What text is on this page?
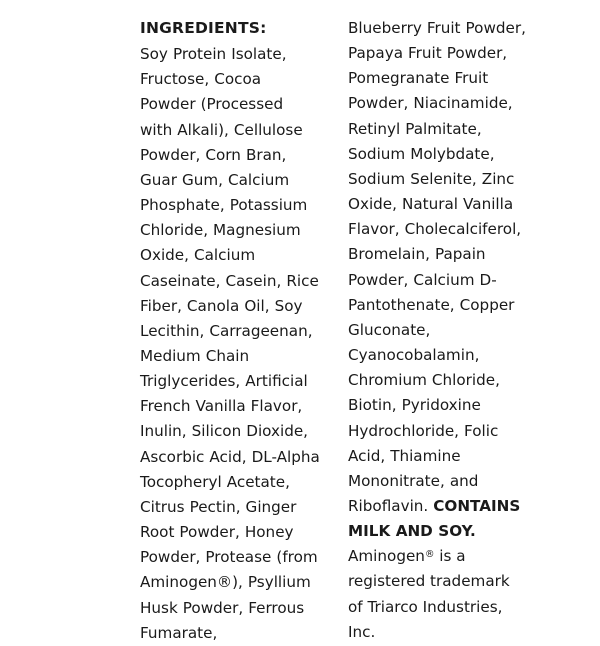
INGREDIENTS:

Soy Protein Isolate, Fructose, Cocoa Powder (Processed with Alkali), Cellulose Powder, Corn Bran, Guar Gum, Calcium Phosphate, Potassium Chloride, Magnesium Oxide, Calcium Caseinate, Casein, Rice Fiber, Canola Oil, Soy Lecithin, Carrageenan, Medium Chain Triglycerides, Artificial French Vanilla Flavor, Inulin, Silicon Dioxide, Ascorbic Acid, DL-Alpha Tocopheryl Acetate, Citrus Pectin, Ginger Root Powder, Honey Powder, Protease (from Aminogen®), Psyllium Husk Powder, Ferrous Fumarate,

Blueberry Fruit Powder, Papaya Fruit Powder, Pomegranate Fruit Powder, Niacinamide, Retinyl Palmitate, Sodium Molybdate, Sodium Selenite, Zinc Oxide, Natural Vanilla Flavor, Cholecalciferol, Bromelain, Papain Powder, Calcium D-Pantothenate, Copper Gluconate, Cyanocobalamin, Chromium Chloride, Biotin, Pyridoxine Hydrochloride, Folic Acid, Thiamine Mononitrate, and Riboflavin. CONTAINS MILK AND SOY.

Aminogen® is a registered trademark of Triarco Industries, Inc.
